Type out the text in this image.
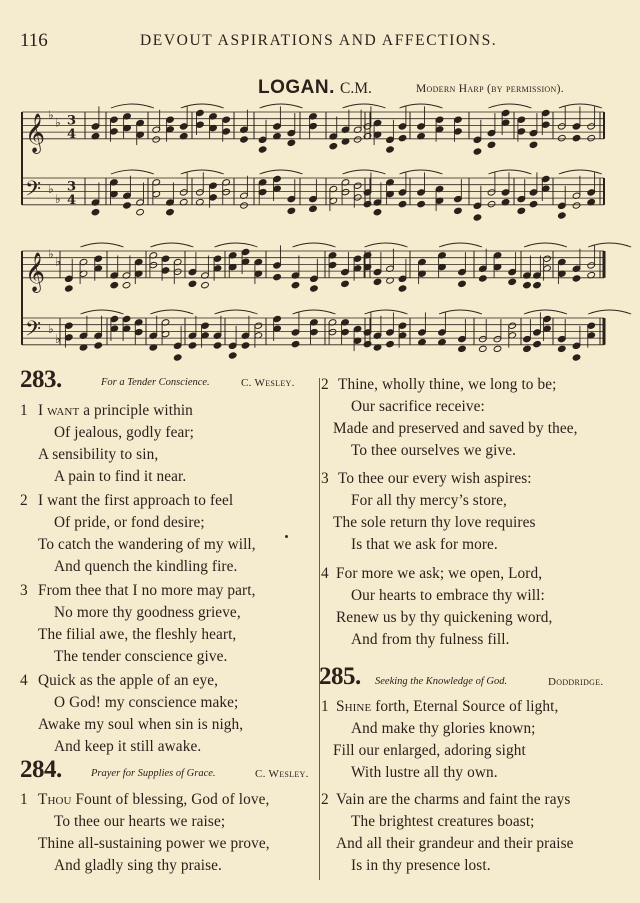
116	DEVOUT ASPIRATIONS AND AFFECTIONS.
LOGAN. C.M.	Modern Harp (by permission).
𝄞 ♭
♭ 3
4
𝄢 ♭
♭
3
4
𝄞 ♭
♭
𝄢 ♭
♭
283.	For a Tender Conscience.	C. Wesley.
1 I want a principle within
Of jealous, godly fear;
A sensibility to sin,
A pain to find it near.
2 I want the first approach to feel
Of pride, or fond desire;
To catch the wandering of my will,
And quench the kindling fire.
3 From thee that I no more may part,
No more thy goodness grieve,
The filial awe, the fleshly heart,
The tender conscience give.
4 Quick as the apple of an eye,
O God! my conscience make;
Awake my soul when sin is nigh,
And keep it still awake.
284.	Prayer for Supplies of Grace.	C. Wesley.
1 Thou Fount of blessing, God of love,
To thee our hearts we raise;
Thine all-sustaining power we prove,
And gladly sing thy praise.
2 Thine, wholly thine, we long to be;
Our sacrifice receive:
Made and preserved and saved by thee,
To thee ourselves we give.
3 To thee our every wish aspires:
For all thy mercy’s store,
The sole return thy love requires
Is that we ask for more.
4 For more we ask; we open, Lord,
Our hearts to embrace thy will:
Renew us by thy quickening word,
And from thy fulness fill.
285. Seeking the Knowledge of God.	Doddridge.
1 Shine forth, Eternal Source of light,
And make thy glories known;
Fill our enlarged, adoring sight
With lustre all thy own.
2 Vain are the charms and faint the rays
The brightest creatures boast;
And all their grandeur and their praise
Is in thy presence lost.
